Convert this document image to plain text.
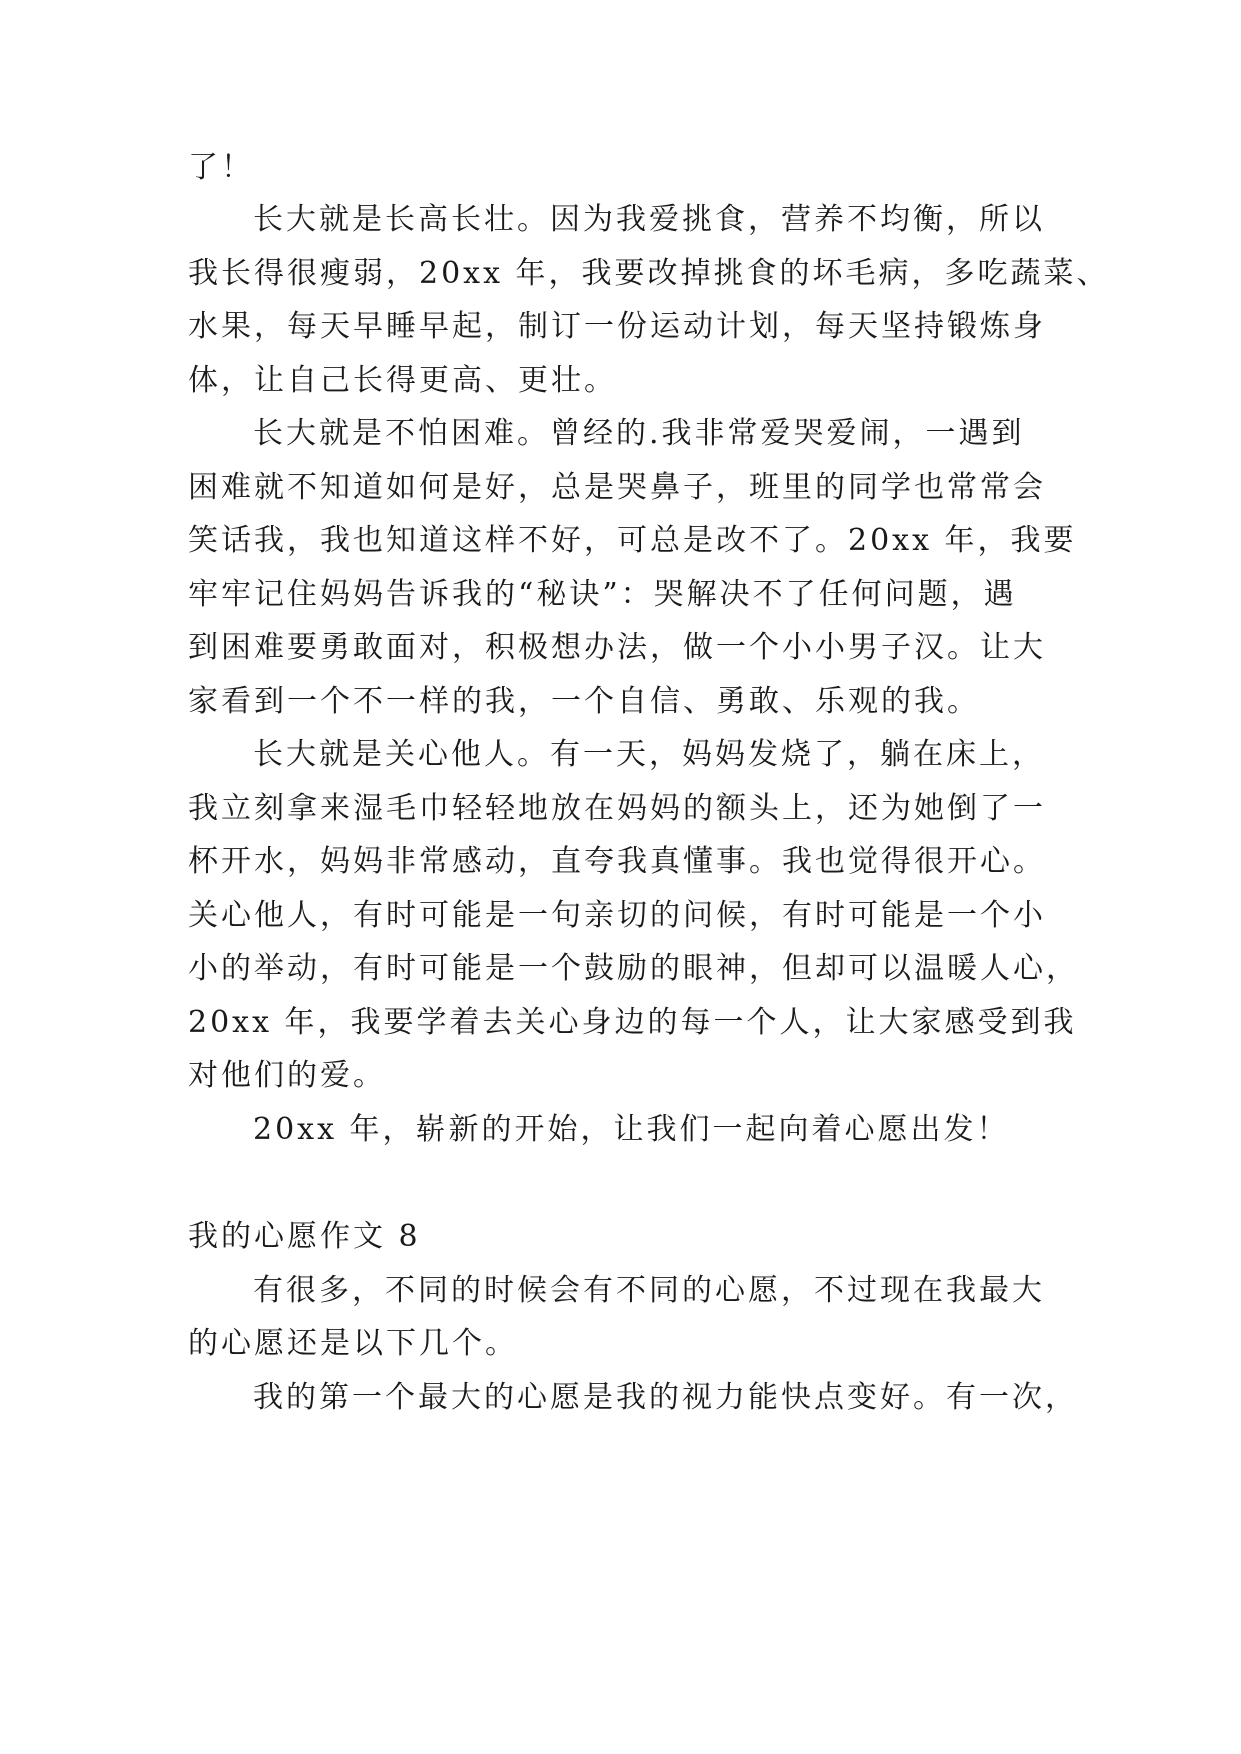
了！
长大就是长高长壮。因为我爱挑食，营养不均衡，所以
我长得很瘦弱，20xx 年，我要改掉挑食的坏毛病，多吃蔬菜、
水果，每天早睡早起，制订一份运动计划，每天坚持锻炼身
体，让自己长得更高、更壮。
长大就是不怕困难。曾经的.我非常爱哭爱闹，一遇到
困难就不知道如何是好，总是哭鼻子，班里的同学也常常会
笑话我，我也知道这样不好，可总是改不了。20xx 年，我要
牢牢记住妈妈告诉我的“秘诀”：哭解决不了任何问题，遇
到困难要勇敢面对，积极想办法，做一个小小男子汉。让大
家看到一个不一样的我，一个自信、勇敢、乐观的我。
长大就是关心他人。有一天，妈妈发烧了，躺在床上，
我立刻拿来湿毛巾轻轻地放在妈妈的额头上，还为她倒了一
杯开水，妈妈非常感动，直夸我真懂事。我也觉得很开心。
关心他人，有时可能是一句亲切的问候，有时可能是一个小
小的举动，有时可能是一个鼓励的眼神，但却可以温暖人心，
20xx 年，我要学着去关心身边的每一个人，让大家感受到我
对他们的爱。
20xx 年，崭新的开始，让我们一起向着心愿出发！
我的心愿作文 8
有很多，不同的时候会有不同的心愿，不过现在我最大
的心愿还是以下几个。
我的第一个最大的心愿是我的视力能快点变好。有一次，
